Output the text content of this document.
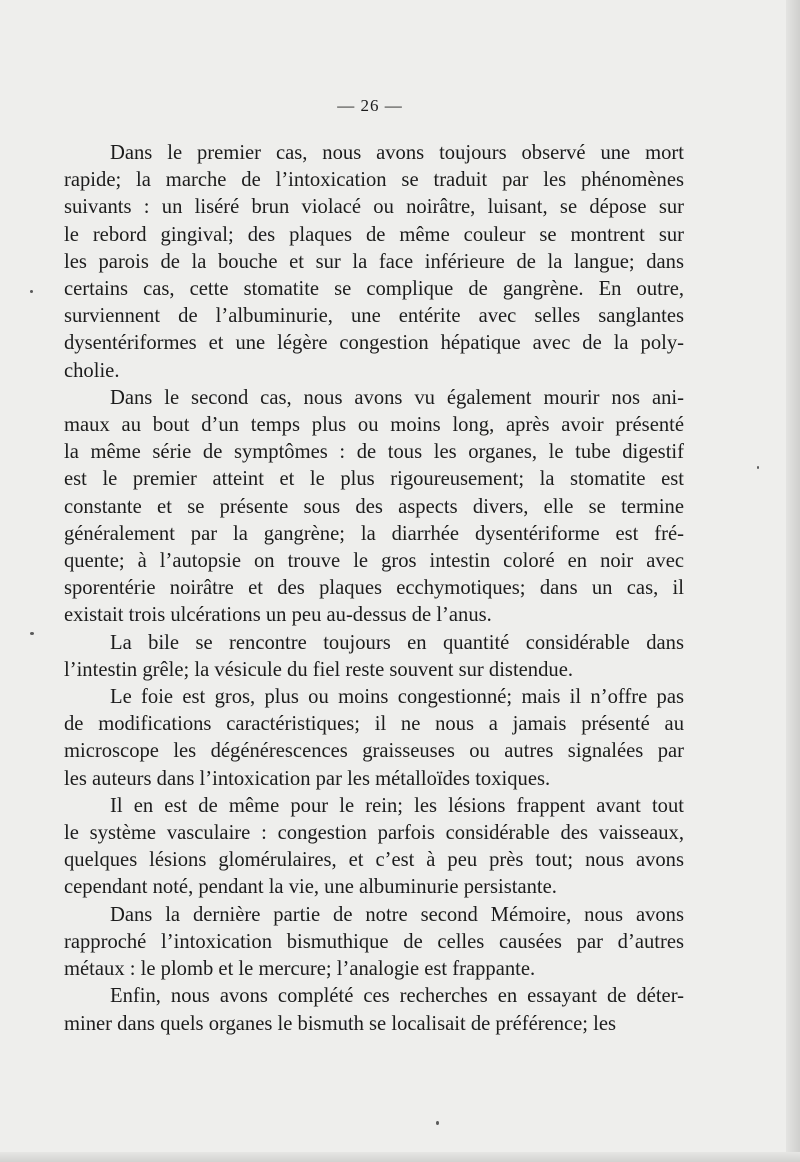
— 26 —
Dans le premier cas, nous avons toujours observé une mort
rapide; la marche de l’intoxication se traduit par les phénomènes
suivants : un liséré brun violacé ou noirâtre, luisant, se dépose sur
le rebord gingival; des plaques de même couleur se montrent sur
les parois de la bouche et sur la face inférieure de la langue; dans
certains cas, cette stomatite se complique de gangrène. En outre,
surviennent de l’albuminurie, une entérite avec selles sanglantes
dysentériformes et une légère congestion hépatique avec de la poly-
cholie.
Dans le second cas, nous avons vu également mourir nos ani-
maux au bout d’un temps plus ou moins long, après avoir présenté
la même série de symptômes : de tous les organes, le tube digestif
est le premier atteint et le plus rigoureusement; la stomatite est
constante et se présente sous des aspects divers, elle se termine
généralement par la gangrène; la diarrhée dysentériforme est fré-
quente; à l’autopsie on trouve le gros intestin coloré en noir avec
sporentérie noirâtre et des plaques ecchymotiques; dans un cas, il
existait trois ulcérations un peu au-dessus de l’anus.
La bile se rencontre toujours en quantité considérable dans
l’intestin grêle; la vésicule du fiel reste souvent sur distendue.
Le foie est gros, plus ou moins congestionné; mais il n’offre pas
de modifications caractéristiques; il ne nous a jamais présenté au
microscope les dégénérescences graisseuses ou autres signalées par
les auteurs dans l’intoxication par les métalloïdes toxiques.
Il en est de même pour le rein; les lésions frappent avant tout
le système vasculaire : congestion parfois considérable des vaisseaux,
quelques lésions glomérulaires, et c’est à peu près tout; nous avons
cependant noté, pendant la vie, une albuminurie persistante.
Dans la dernière partie de notre second Mémoire, nous avons
rapproché l’intoxication bismuthique de celles causées par d’autres
métaux : le plomb et le mercure; l’analogie est frappante.
Enfin, nous avons complété ces recherches en essayant de déter-
miner dans quels organes le bismuth se localisait de préférence; les
